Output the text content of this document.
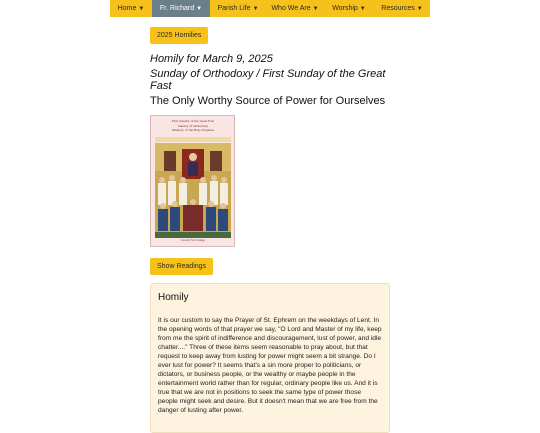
Home ▼ Fr. Richard ▼ Parish Life ▼ Who We Are ▼ Worship ▼ Resources ▼
2025 Homilies
Homily for March 9, 2025
Sunday of Orthodoxy / First Sunday of the Great Fast
The Only Worthy Source of Power for Ourselves
First Sunday of the Great Fast
Sunday of Orthodoxy
Memory of the Holy Prophets
Icon by Nov Gauge
Show Readings
Homily
It is our custom to say the Prayer of St. Ephrem on the weekdays of Lent. In the opening words of that prayer we say, "O Lord and Master of my life, keep from me the spirit of indifference and discouragement, lust of power, and idle chatter...." Three of these items seem reasonable to pray about, but that request to keep away from lusting for power might seem a bit strange. Do I ever lust for power? It seems that's a sin more proper to politicians, or dictators, or business people, or the wealthy or maybe people in the entertainment world rather than for regular, ordinary people like us. And it is true that we are not in positions to seek the same type of power those people might seek and desire. But it doesn't mean that we are free from the danger of lusting after power.
